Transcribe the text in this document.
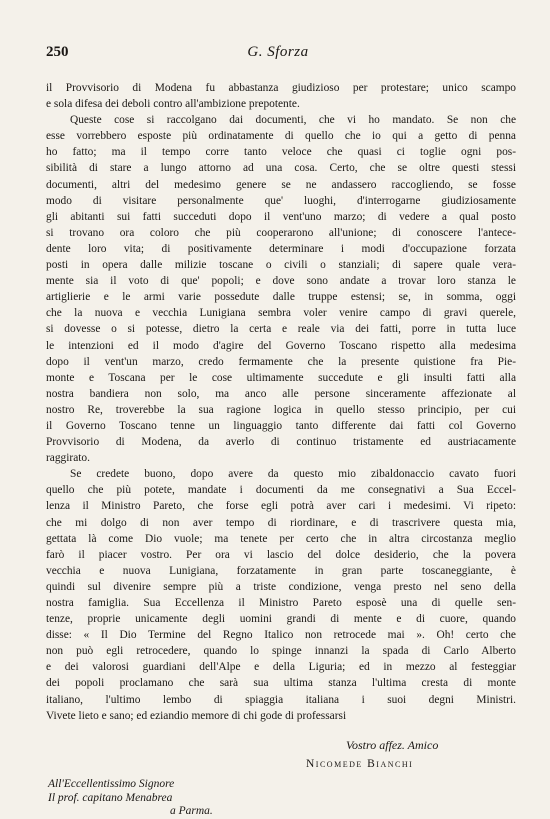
250	G. Sforza
il Provvisorio di Modena fu abbastanza giudizioso per protestare; unico scampo
e sola difesa dei deboli contro all'ambizione prepotente.
Queste cose si raccolgano dai documenti, che vi ho mandato. Se non che
esse vorrebbero esposte più ordinatamente di quello che io qui a getto di penna
ho fatto; ma il tempo corre tanto veloce che quasi ci toglie ogni pos-
sibilità di stare a lungo attorno ad una cosa. Certo, che se oltre questi stessi
documenti, altri del medesimo genere se ne andassero raccogliendo, se fosse
modo di visitare personalmente que' luoghi, d'interrogarne giudiziosamente
gli abitanti sui fatti succeduti dopo il vent'uno marzo; di vedere a qual posto
si trovano ora coloro che più cooperarono all'unione; di conoscere l'antece-
dente loro vita; di positivamente determinare i modi d'occupazione forzata
posti in opera dalle milizie toscane o civili o stanziali; di sapere quale vera-
mente sia il voto di que' popoli; e dove sono andate a trovar loro stanza le
artiglierie e le armi varie possedute dalle truppe estensi; se, in somma, oggi
che la nuova e vecchia Lunigiana sembra voler venire campo di gravi querele,
si dovesse o si potesse, dietro la certa e reale via dei fatti, porre in tutta luce
le intenzioni ed il modo d'agire del Governo Toscano rispetto alla medesima
dopo il vent'un marzo, credo fermamente che la presente quistione fra Pie-
monte e Toscana per le cose ultimamente succedute e gli insulti fatti alla
nostra bandiera non solo, ma anco alle persone sinceramente affezionate al
nostro Re, troverebbe la sua ragione logica in quello stesso principio, per cui
il Governo Toscano tenne un linguaggio tanto differente dai fatti col Governo
Provvisorio di Modena, da averlo di continuo tristamente ed austriacamente
raggirato.
Se credete buono, dopo avere da questo mio zibaldonaccio cavato fuori
quello che più potete, mandate i documenti da me consegnativi a Sua Eccel-
lenza il Ministro Pareto, che forse egli potrà aver cari i medesimi. Vi ripeto:
che mi dolgo di non aver tempo di riordinare, e di trascrivere questa mia,
gettata là come Dio vuole; ma tenete per certo che in altra circostanza meglio
farò il piacer vostro. Per ora vi lascio del dolce desiderio, che la povera
vecchia e nuova Lunigiana, forzatamente in gran parte toscaneggiante, è
quindi sul divenire sempre più a triste condizione, venga presto nel seno della
nostra famiglia. Sua Eccellenza il Ministro Pareto esposè una di quelle sen-
tenze, proprie unicamente degli uomini grandi di mente e di cuore, quando
disse: « Il Dio Termine del Regno Italico non retrocede mai ». Oh! certo che
non può egli retrocedere, quando lo spinge innanzi la spada di Carlo Alberto
e dei valorosi guardiani dell'Alpe e della Liguria; ed in mezzo al festeggiar
dei popoli proclamano che sarà sua ultima stanza l'ultima cresta di monte
italiano, l'ultimo lembo di spiaggia italiana i suoi degni Ministri.
Vivete lieto e sano; ed eziandio memore di chi gode di professarsi
Vostro affez. Amico
Nicomede Bianchi
All'Eccellentissimo Signore
Il prof. capitano Menabrea
a Parma.
